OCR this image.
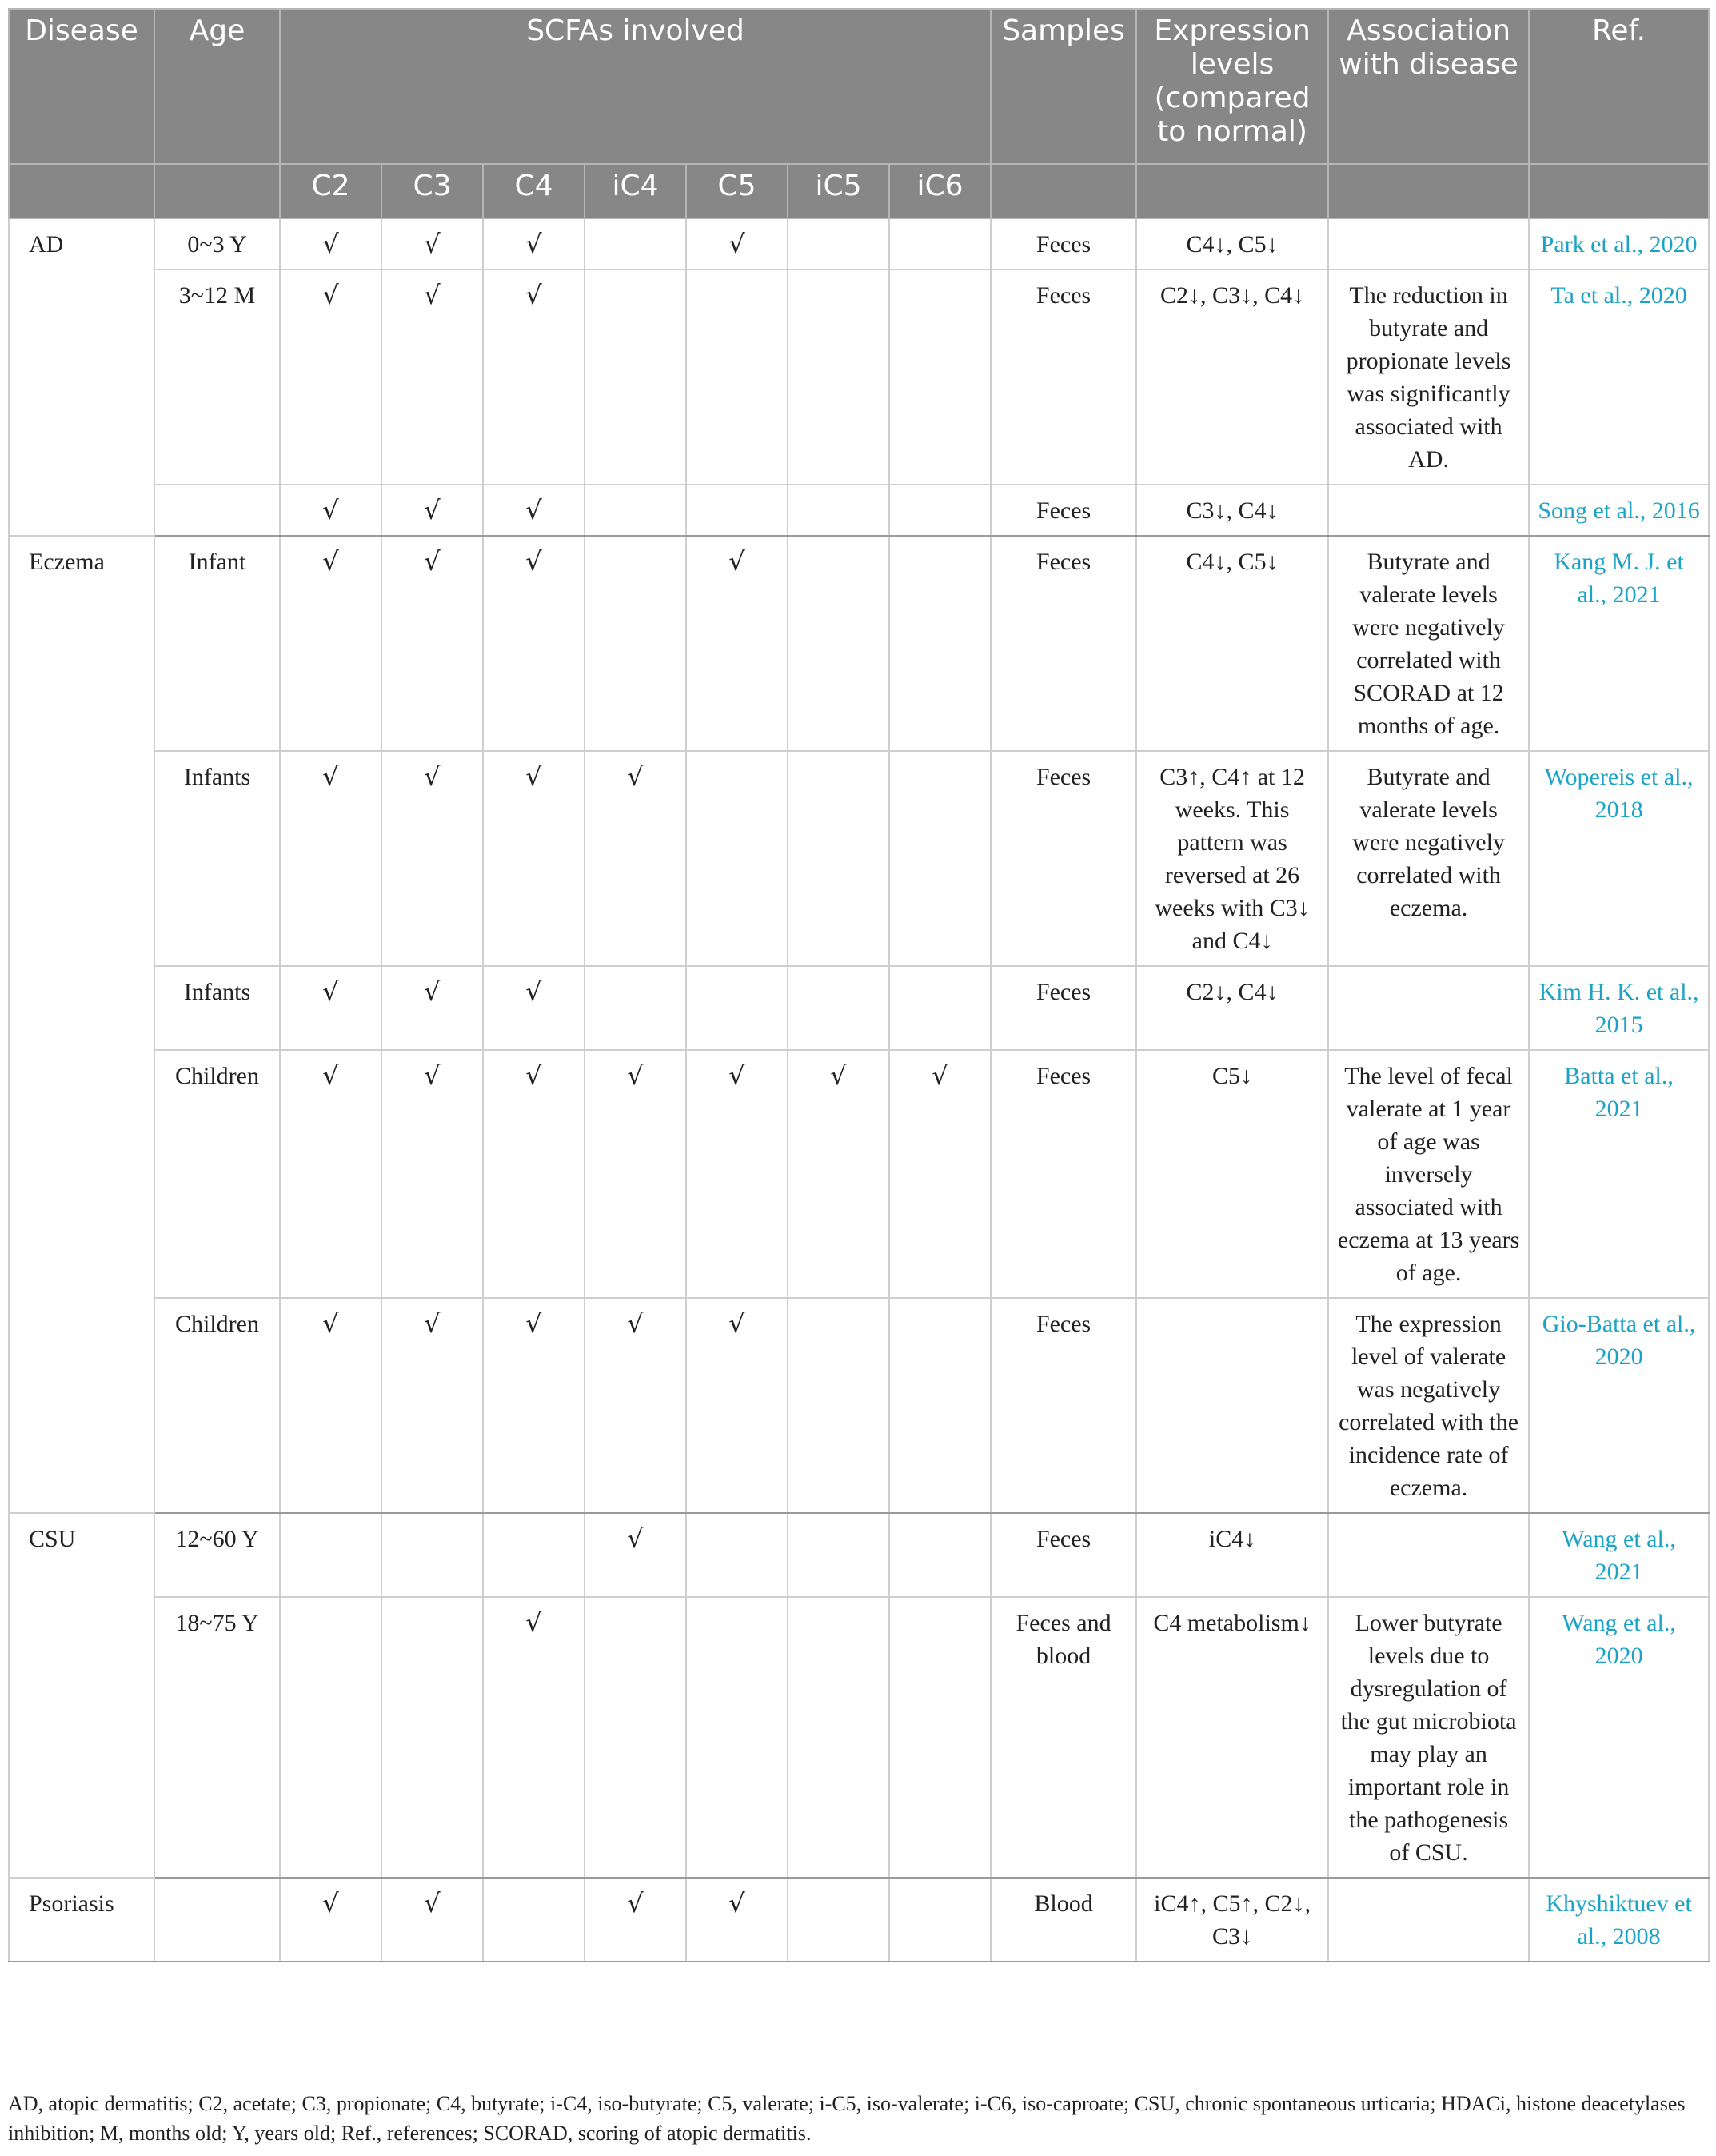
Disease	Age	SCFAs involved							Samples	Expression levels (compared to normal)	Association with disease	Ref.
		C2	C3	C4	iC4	C5	iC5	iC6				
AD	0~3 Y	√	√	√		√			Feces	C4↓, C5↓		Park et al., 2020
	3~12 M	√	√	√					Feces	C2↓, C3↓, C4↓	The reduction in butyrate and propionate levels was significantly associated with AD.	Ta et al., 2020
		√	√	√					Feces	C3↓, C4↓		Song et al., 2016
Eczema	Infant	√	√	√		√			Feces	C4↓, C5↓	Butyrate and valerate levels were negatively correlated with SCORAD at 12 months of age.	Kang M. J. et al., 2021
	Infants	√	√	√	√				Feces	C3↑, C4↑ at 12 weeks. This pattern was reversed at 26 weeks with C3↓ and C4↓	Butyrate and valerate levels were negatively correlated with eczema.	Wopereis et al., 2018
	Infants	√	√	√					Feces	C2↓, C4↓		Kim H. K. et al., 2015
	Children	√	√	√	√	√	√	√	Feces	C5↓	The level of fecal valerate at 1 year of age was inversely associated with eczema at 13 years of age.	Batta et al., 2021
	Children	√	√	√	√	√			Feces		The expression level of valerate was negatively correlated with the incidence rate of eczema.	Gio-Batta et al., 2020
CSU	12~60 Y				√				Feces	iC4↓		Wang et al., 2021
	18~75 Y			√					Feces and blood	C4 metabolism↓	Lower butyrate levels due to dysregulation of the gut microbiota may play an important role in the pathogenesis of CSU.	Wang et al., 2020
Psoriasis		√	√		√	√			Blood	iC4↑, C5↑, C2↓, C3↓		Khyshiktuev et al., 2008
AD, atopic dermatitis; C2, acetate; C3, propionate; C4, butyrate; i-C4, iso-butyrate; C5, valerate; i-C5, iso-valerate; i-C6, iso-caproate; CSU, chronic spontaneous urticaria; HDACi, histone deacetylases inhibition; M, months old; Y, years old; Ref., references; SCORAD, scoring of atopic dermatitis.
